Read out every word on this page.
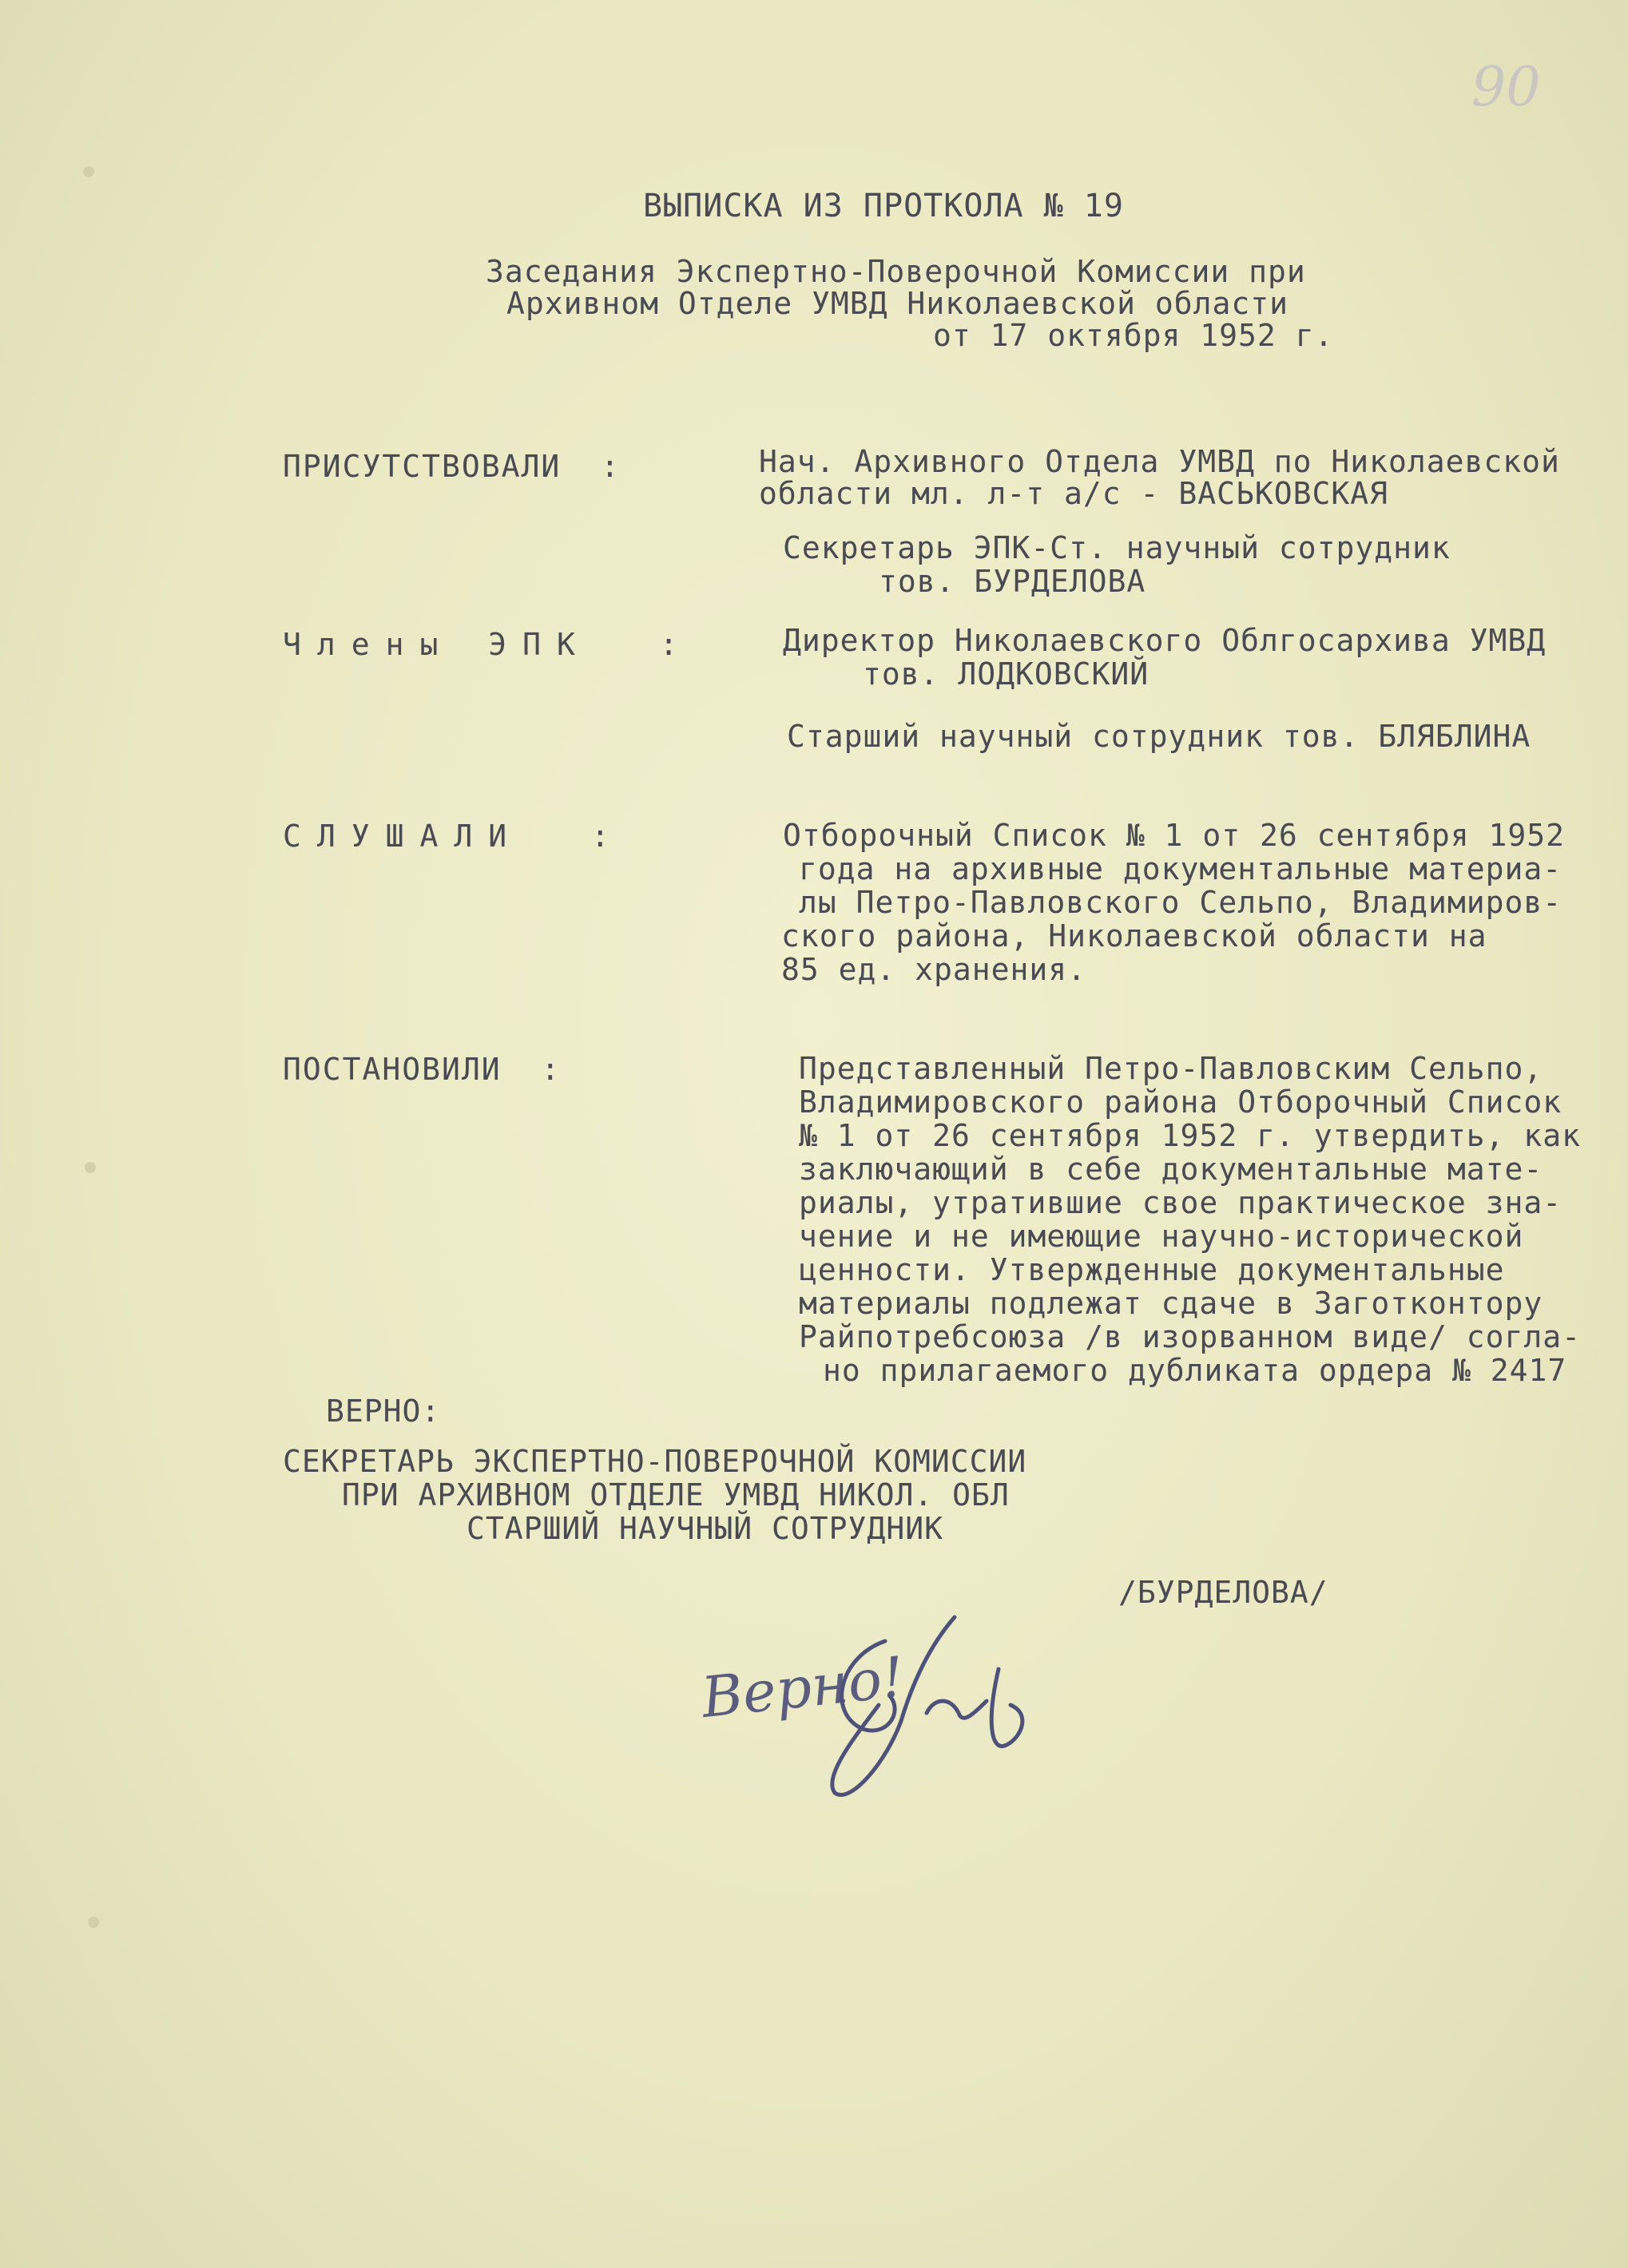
90
ВЫПИСКА ИЗ ПРОТКОЛА № 19
Заседания Экспертно-Поверочной Комиссии при
Архивном Отделе УМВД Николаевской области
от 17 октября 1952 г.
ПРИСУТСТВОВАЛИ  :	Нач. Архивного Отдела УМВД по Николаевской
области мл. л-т а/с - ВАСЬКОВСКАЯ
Секретарь ЭПК-Ст. научный сотрудник
тов. БУРДЕЛОВА
Члены ЭПК  :	Директор Николаевского Облгосархива УМВД
тов. ЛОДКОВСКИЙ
Старший научный сотрудник тов. БЛЯБЛИНА
СЛУШАЛИ  :	Отборочный Список № 1 от 26 сентября 1952
года на архивные документальные материа-
лы Петро-Павловского Сельпо, Владимиров-
ского района, Николаевской области на
85 ед. хранения.
ПОСТАНОВИЛИ  :	Представленный Петро-Павловским Сельпо,
Владимировского района Отборочный Список
№ 1 от 26 сентября 1952 г. утвердить, как
заключающий в себе документальные мате-
риалы, утратившие свое практическое зна-
чение и не имеющие научно-исторической
ценности. Утвержденные документальные
материалы подлежат сдаче в Заготконтору
Райпотребсоюза /в изорванном виде/ согла-
но прилагаемого дубликата ордера № 2417
ВЕРНО:
СЕКРЕТАРЬ ЭКСПЕРТНО-ПОВЕРОЧНОЙ КОМИССИИ
ПРИ АРХИВНОМ ОТДЕЛЕ УМВД НИКОЛ. ОБЛ
СТАРШИЙ НАУЧНЫЙ СОТРУДНИК
/БУРДЕЛОВА/
Верно!
